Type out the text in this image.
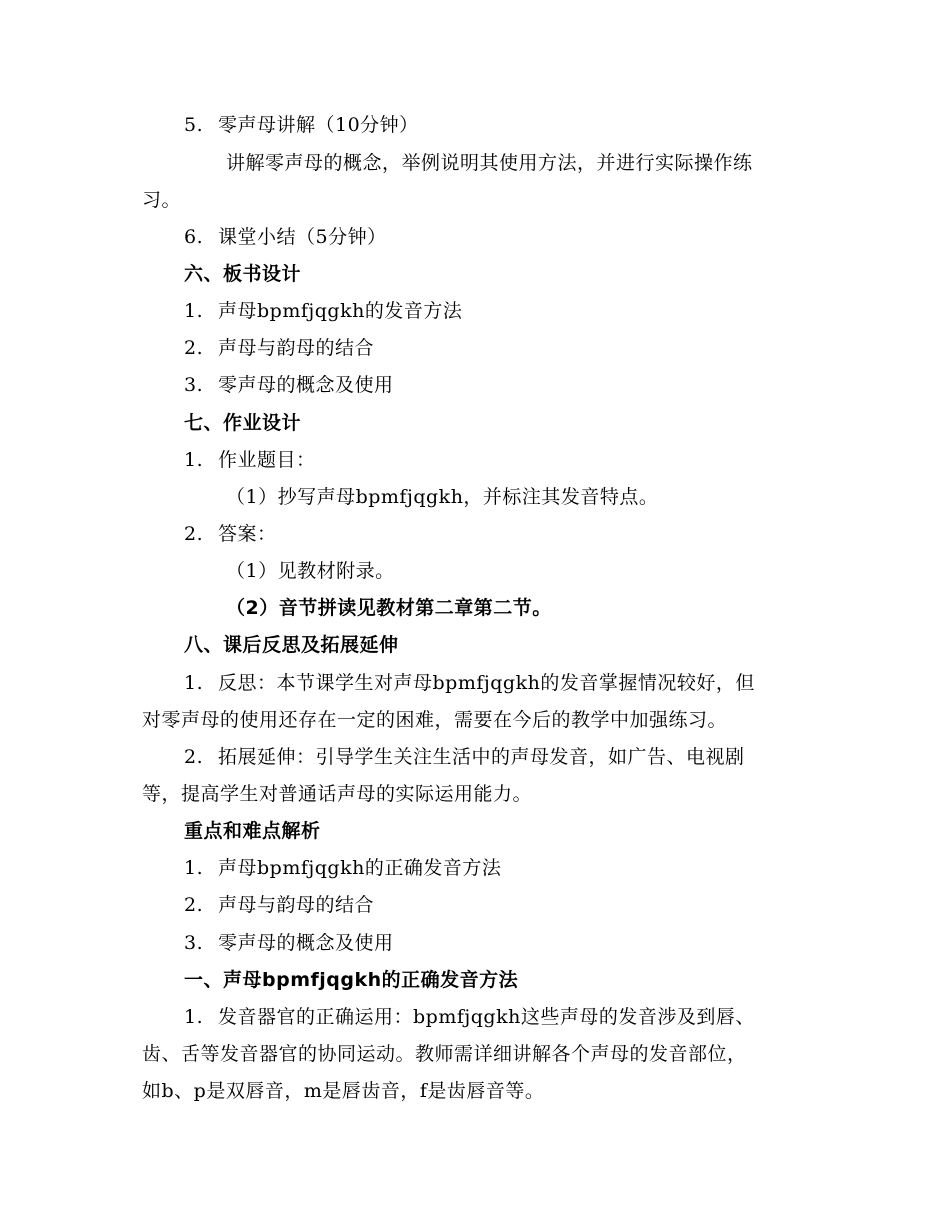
5. 零声母讲解（10分钟）
讲解零声母的概念，举例说明其使用方法，并进行实际操作练
习。
6. 课堂小结（5分钟）
六、板书设计
1. 声母bpmfjqgkh的发音方法
2. 声母与韵母的结合
3. 零声母的概念及使用
七、作业设计
1. 作业题目：
（1）抄写声母bpmfjqgkh，并标注其发音特点。
2. 答案：
（1）见教材附录。
（2）音节拼读见教材第二章第二节。
八、课后反思及拓展延伸
1. 反思：本节课学生对声母bpmfjqgkh的发音掌握情况较好，但
对零声母的使用还存在一定的困难，需要在今后的教学中加强练习。
2. 拓展延伸：引导学生关注生活中的声母发音，如广告、电视剧
等，提高学生对普通话声母的实际运用能力。
重点和难点解析
1. 声母bpmfjqgkh的正确发音方法
2. 声母与韵母的结合
3. 零声母的概念及使用
一、声母bpmfjqgkh的正确发音方法
1. 发音器官的正确运用：bpmfjqgkh这些声母的发音涉及到唇、
齿、舌等发音器官的协同运动。教师需详细讲解各个声母的发音部位，
如b、p是双唇音，m是唇齿音，f是齿唇音等。
